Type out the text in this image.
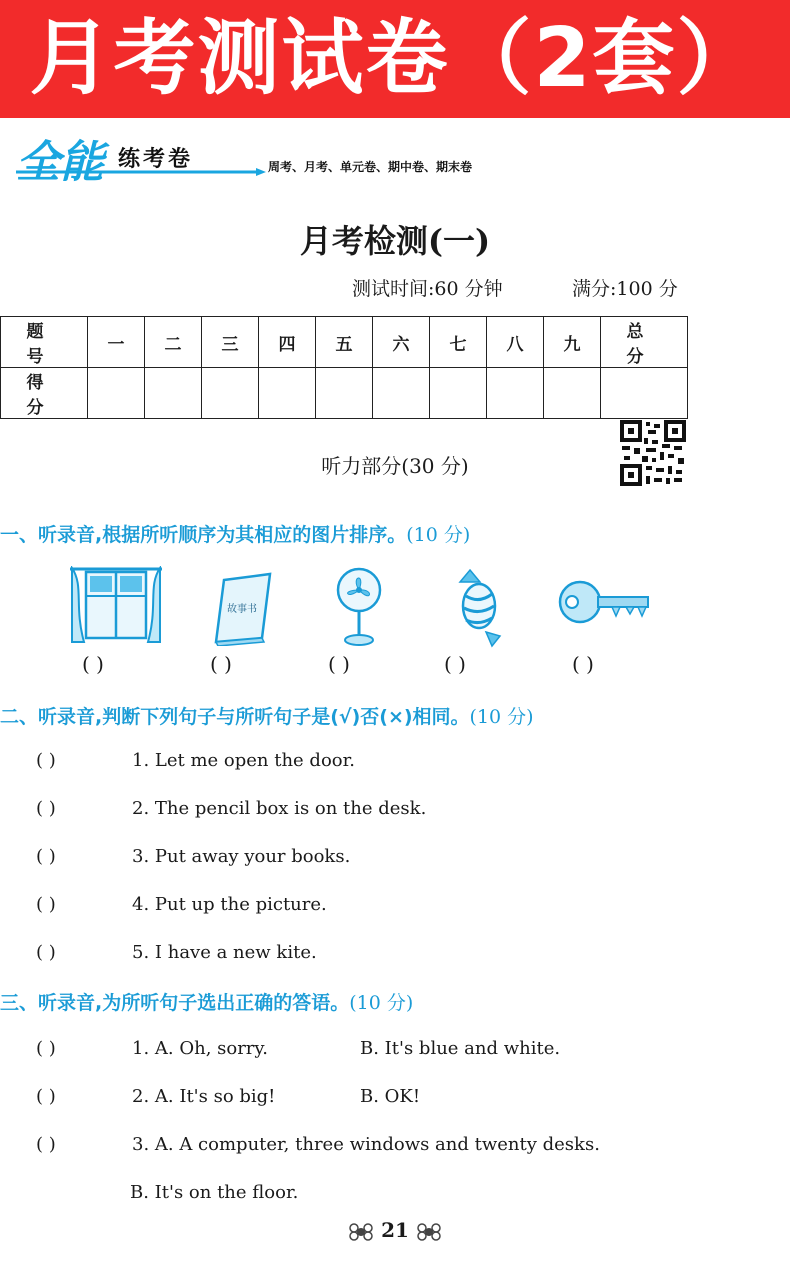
月考测试卷（2套）
全能 练考卷	周考、月考、单元卷、期中卷、期末卷
月考检测(一)
测试时间:60 分钟	满分:100 分
题 号	一	二	三	四	五	六	七	八	九	总 分
得 分										
听力部分(30 分)
一、听录音,根据所听顺序为其相应的图片排序。(10 分)
故事书
( )	( )	( )	( )	( )
二、听录音,判断下列句子与所听句子是(√)否(×)相同。(10 分)
( )	1. Let me open the door.
( )	2. The pencil box is on the desk.
( )	3. Put away your books.
( )	4. Put up the picture.
( )	5. I have a new kite.
三、听录音,为所听句子选出正确的答语。(10 分)
( )	1. A. Oh, sorry.	B. It's blue and white.
( )	2. A. It's so big!	B. OK!
( )	3. A. A computer, three windows and twenty desks.
B. It's on the floor.
21
